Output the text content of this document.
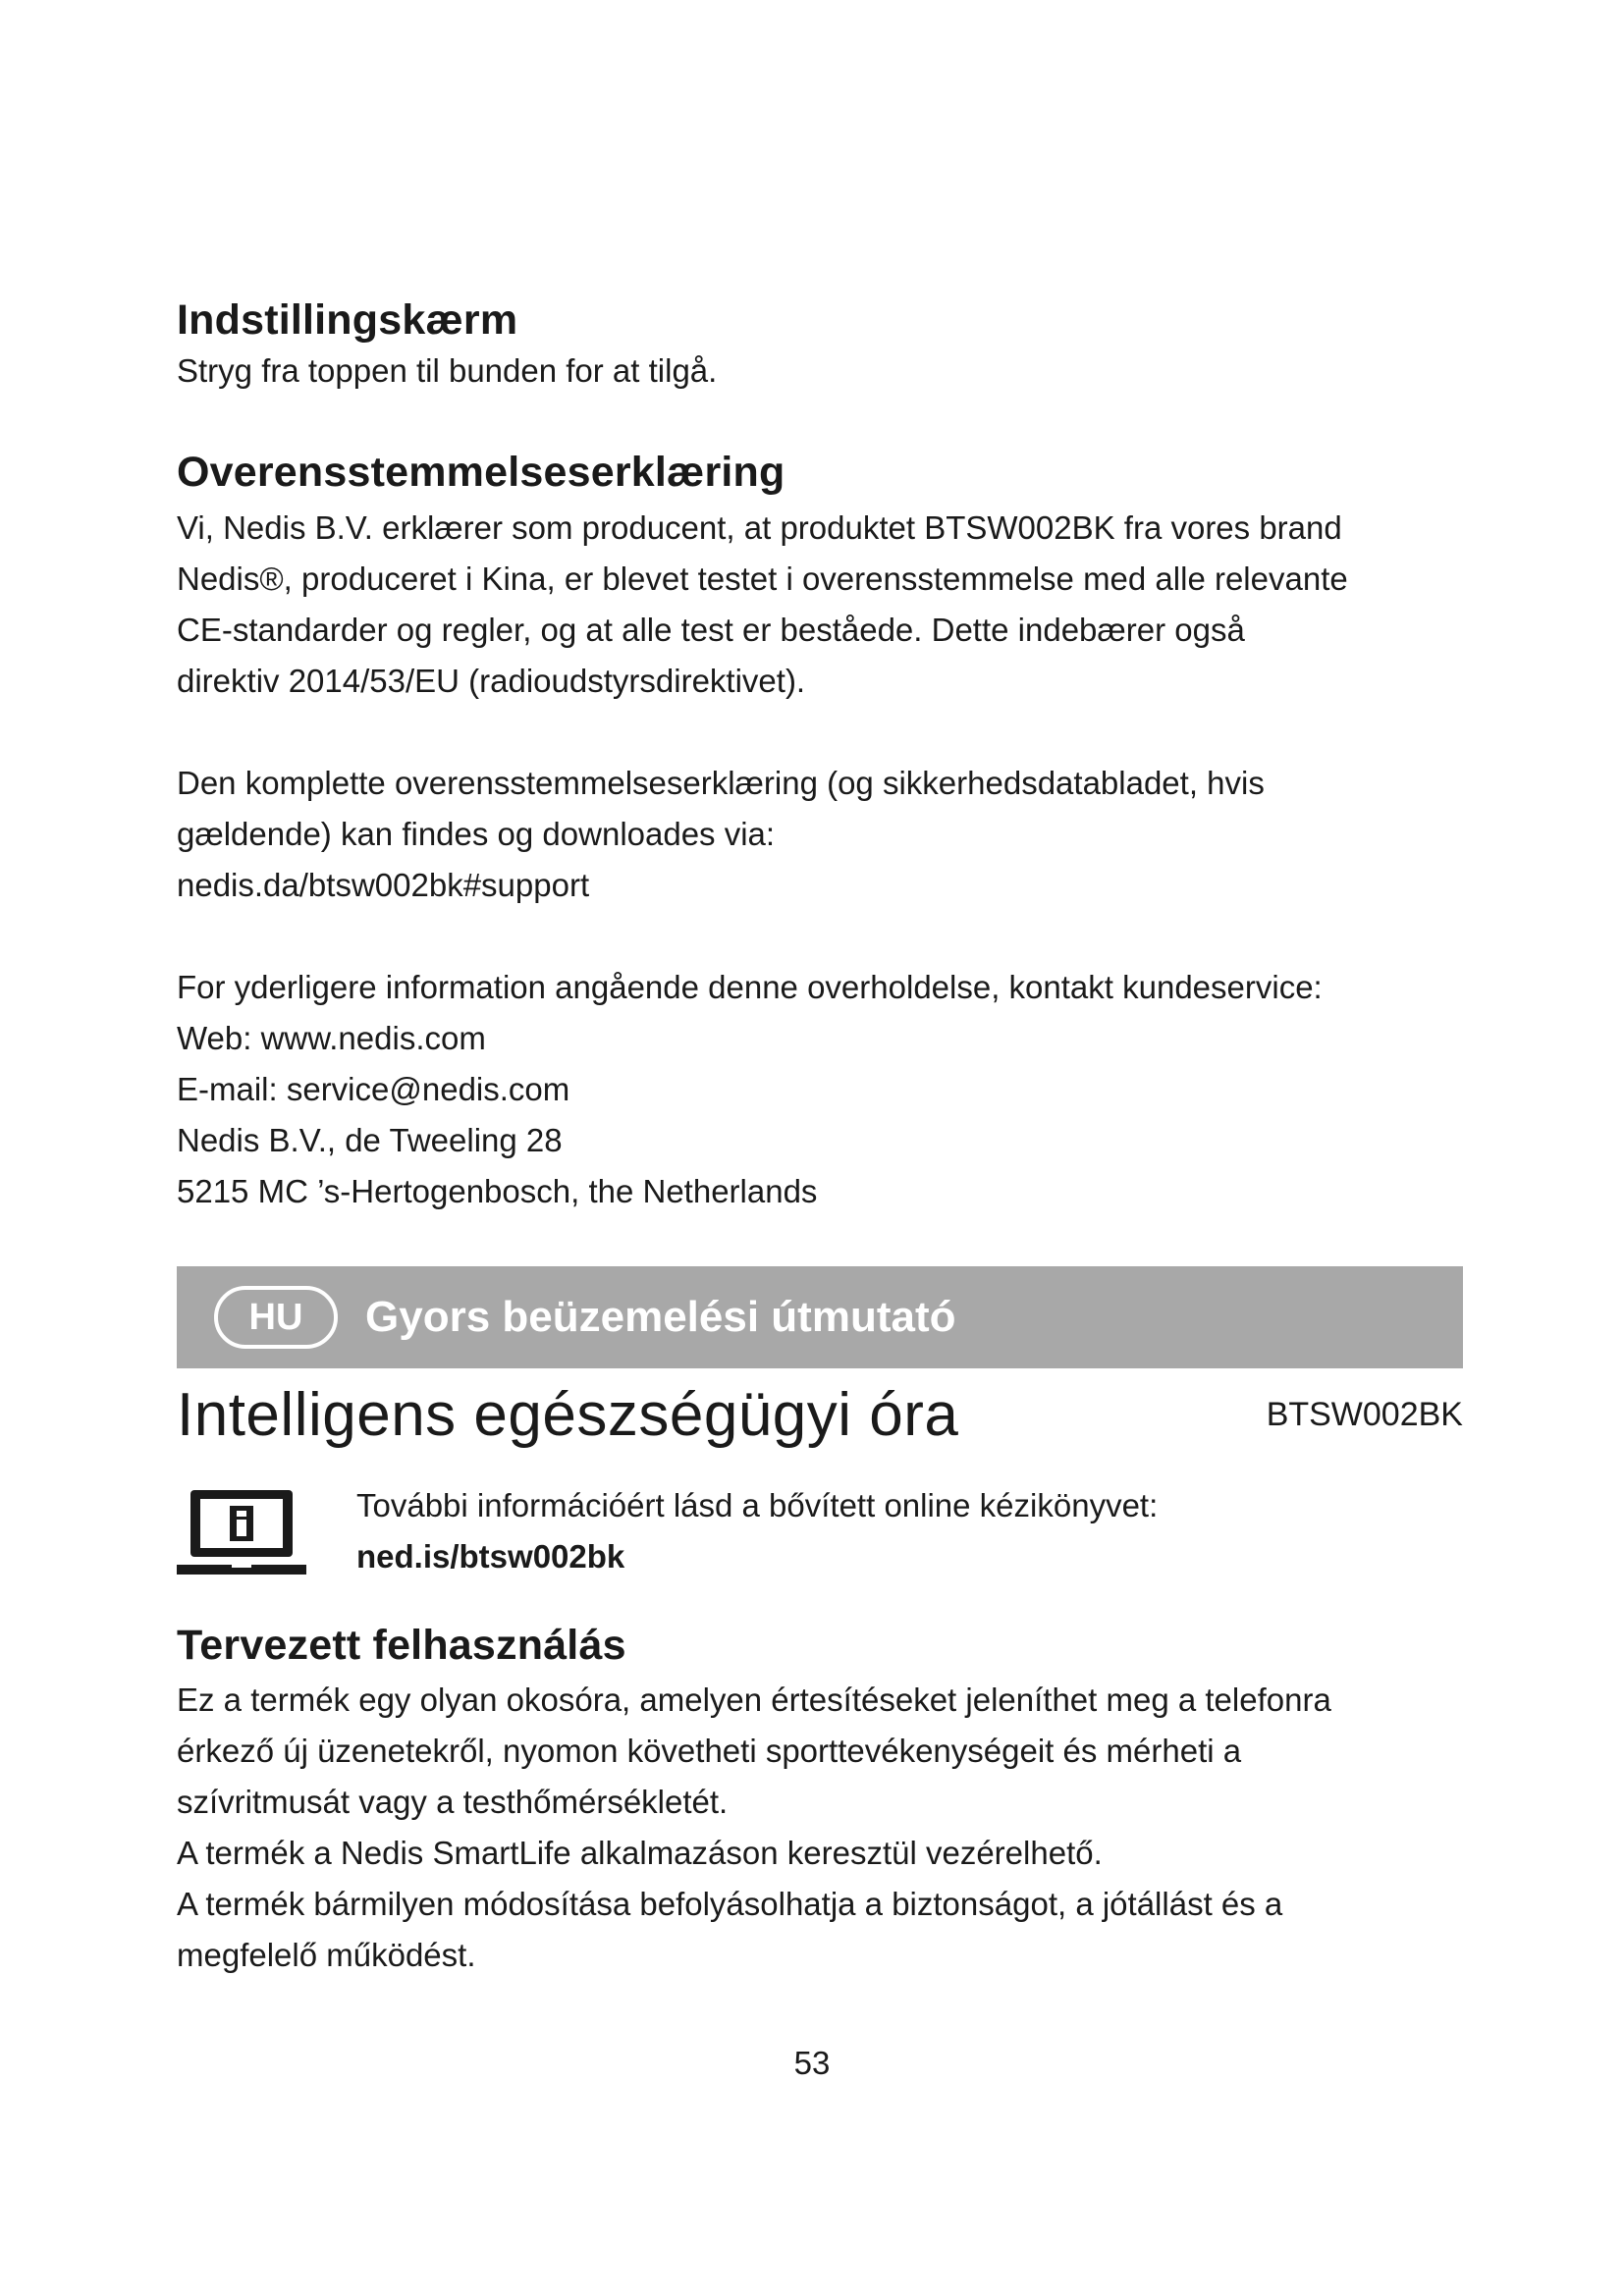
Indstillingskærm

Stryg fra toppen til bunden for at tilgå.

Overensstemmelseserklæring

Vi, Nedis B.V. erklærer som producent, at produktet BTSW002BK fra vores brand

Nedis®, produceret i Kina, er blevet testet i overensstemmelse med alle relevante

CE-standarder og regler, og at alle test er beståede. Dette indebærer også

direktiv 2014/53/EU (radioudstyrsdirektivet).

Den komplette overensstemmelseserklæring (og sikkerhedsdatabladet, hvis

gældende) kan findes og downloades via:

nedis.da/btsw002bk#support

For yderligere information angående denne overholdelse, kontakt kundeservice:

Web: www.nedis.com

E-mail: service@nedis.com

Nedis B.V., de Tweeling 28

5215 MC ’s-Hertogenbosch, the Netherlands

HU	Gyors beüzemelési útmutató
Intelligens egészségügyi óra	BTSW002BK

További információért lásd a bővített online kézikönyvet:

ned.is/btsw002bk

Tervezett felhasználás

Ez a termék egy olyan okosóra, amelyen értesítéseket jeleníthet meg a telefonra

érkező új üzenetekről, nyomon követheti sporttevékenységeit és mérheti a

szívritmusát vagy a testhőmérsékletét.

A termék a Nedis SmartLife alkalmazáson keresztül vezérelhető.

A termék bármilyen módosítása befolyásolhatja a biztonságot, a jótállást és a

megfelelő működést.

53
